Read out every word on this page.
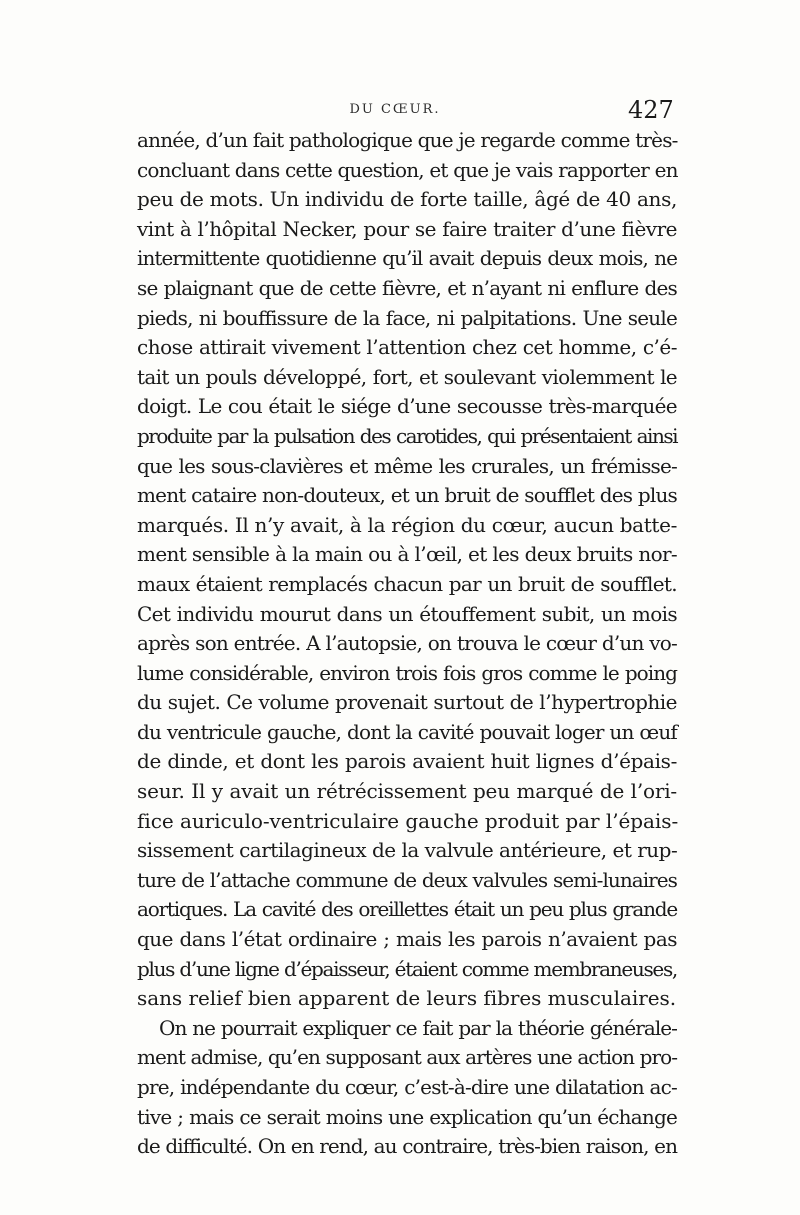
DU CŒUR.	427
année, d’un fait pathologique que je regarde comme très-
concluant dans cette question, et que je vais rapporter en
peu de mots. Un individu de forte taille, âgé de 40 ans,
vint à l’hôpital Necker, pour se faire traiter d’une fièvre
intermittente quotidienne qu’il avait depuis deux mois, ne
se plaignant que de cette fièvre, et n’ayant ni enflure des
pieds, ni bouffissure de la face, ni palpitations. Une seule
chose attirait vivement l’attention chez cet homme, c’é-
tait un pouls développé, fort, et soulevant violemment le
doigt. Le cou était le siége d’une secousse très-marquée
produite par la pulsation des carotides, qui présentaient ainsi
que les sous-clavières et même les crurales, un frémisse-
ment cataire non-douteux, et un bruit de soufflet des plus
marqués. Il n’y avait, à la région du cœur, aucun batte-
ment sensible à la main ou à l’œil, et les deux bruits nor-
maux étaient remplacés chacun par un bruit de soufflet.
Cet individu mourut dans un étouffement subit, un mois
après son entrée. A l’autopsie, on trouva le cœur d’un vo-
lume considérable, environ trois fois gros comme le poing
du sujet. Ce volume provenait surtout de l’hypertrophie
du ventricule gauche, dont la cavité pouvait loger un œuf
de dinde, et dont les parois avaient huit lignes d’épais-
seur. Il y avait un rétrécissement peu marqué de l’ori-
fice auriculo-ventriculaire gauche produit par l’épais-
sissement cartilagineux de la valvule antérieure, et rup-
ture de l’attache commune de deux valvules semi-lunaires
aortiques. La cavité des oreillettes était un peu plus grande
que dans l’état ordinaire ; mais les parois n’avaient pas
plus d’une ligne d’épaisseur, étaient comme membraneuses,
sans relief bien apparent de leurs fibres musculaires.
On ne pourrait expliquer ce fait par la théorie générale-
ment admise, qu’en supposant aux artères une action pro-
pre, indépendante du cœur, c’est-à-dire une dilatation ac-
tive ; mais ce serait moins une explication qu’un échange
de difficulté. On en rend, au contraire, très-bien raison, en
